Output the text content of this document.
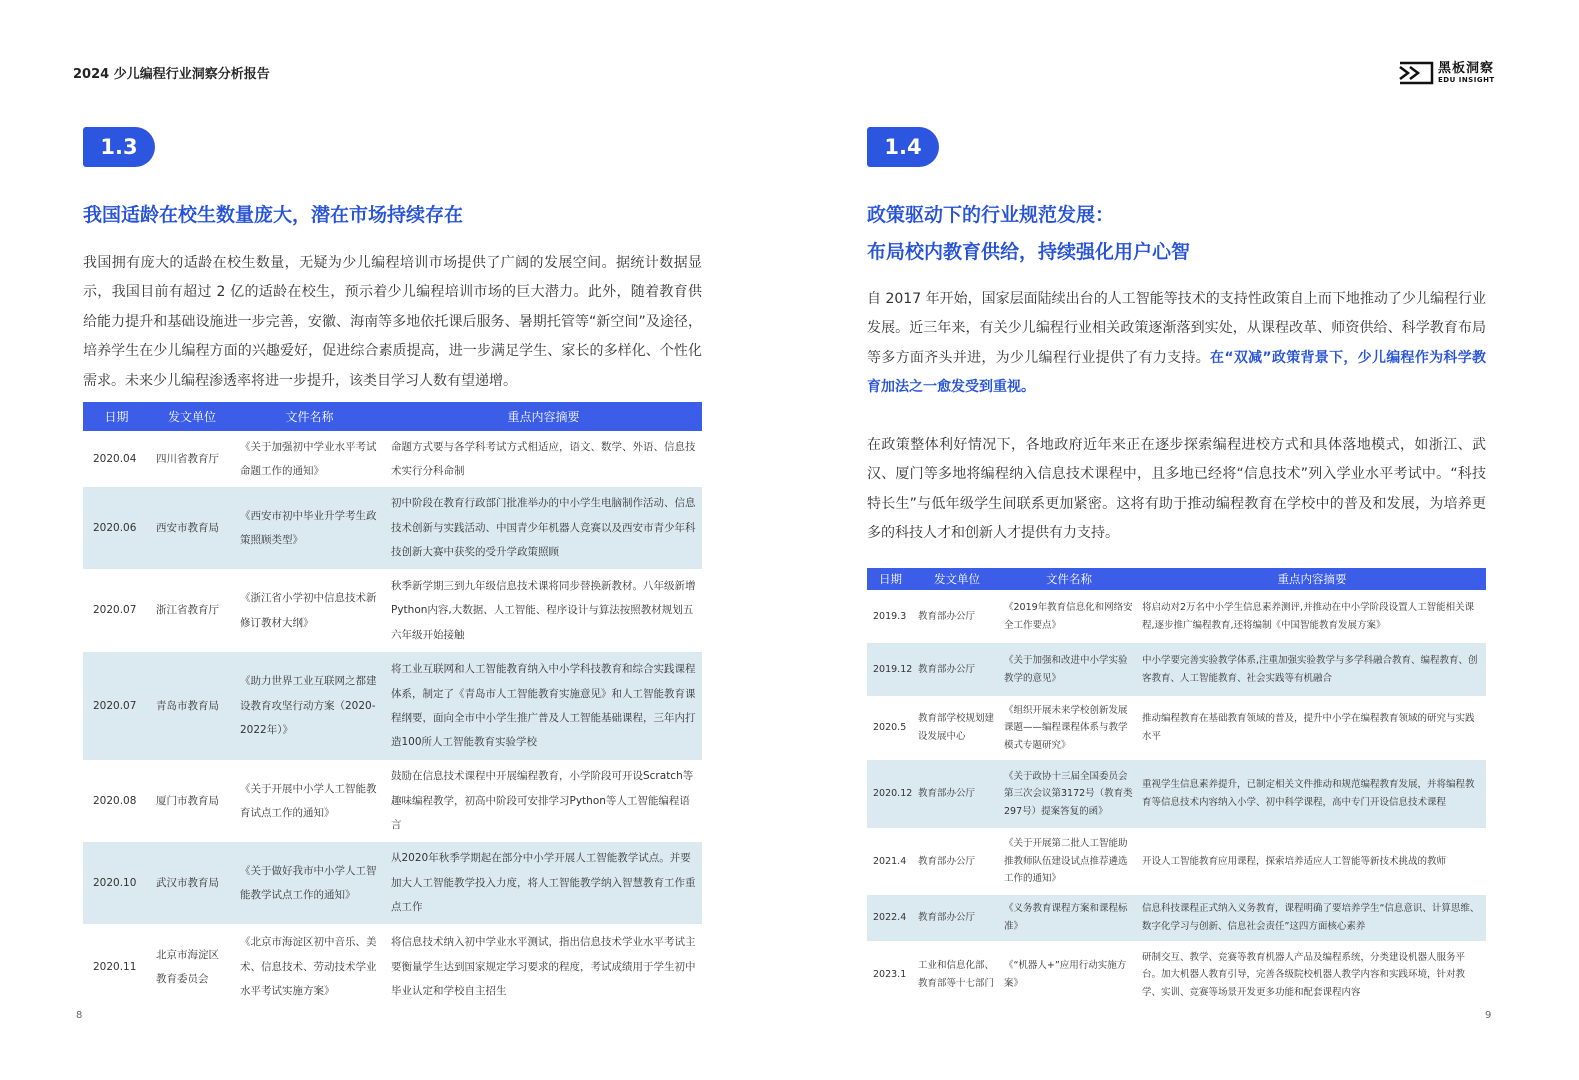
2024 少儿编程行业洞察分析报告	黑板洞察
EDU INSIGHT
1.3
我国适龄在校生数量庞大，潜在市场持续存在
我国拥有庞大的适龄在校生数量，无疑为少儿编程培训市场提供了广阔的发展空间。据统计数据显示，我国目前有超过 2 亿的适龄在校生，预示着少儿编程培训市场的巨大潜力。此外，随着教育供给能力提升和基础设施进一步完善，安徽、海南等多地依托课后服务、暑期托管等“新空间”及途径，培养学生在少儿编程方面的兴趣爱好，促进综合素质提高，进一步满足学生、家长的多样化、个性化需求。未来少儿编程渗透率将进一步提升，该类目学习人数有望递增。
日期	发文单位	文件名称	重点内容摘要
2020.04	四川省教育厅	《关于加强初中学业水平考试命题工作的通知》	命题方式要与各学科考试方式相适应，语文、数学、外语、信息技术实行分科命制
2020.06	西安市教育局	《西安市初中毕业升学考生政策照顾类型》	初中阶段在教育行政部门批准举办的中小学生电脑制作活动、信息技术创新与实践活动、中国青少年机器人竞赛以及西安市青少年科技创新大赛中获奖的受升学政策照顾
2020.07	浙江省教育厅	《浙江省小学初中信息技术新修订教材大纲》	秋季新学期三到九年级信息技术课将同步替换新教材。八年级新增Python内容,大数据、人工智能、程序设计与算法按照教材规划五六年级开始接触
2020.07	青岛市教育局	《助力世界工业互联网之都建设教育攻坚行动方案（2020-2022年）》	将工业互联网和人工智能教育纳入中小学科技教育和综合实践课程体系，制定了《青岛市人工智能教育实施意见》和人工智能教育课程纲要，面向全市中小学生推广普及人工智能基础课程，三年内打造100所人工智能教育实验学校
2020.08	厦门市教育局	《关于开展中小学人工智能教育试点工作的通知》	鼓励在信息技术课程中开展编程教育，小学阶段可开设Scratch等趣味编程教学，初高中阶段可安排学习Python等人工智能编程语言
2020.10	武汉市教育局	《关于做好我市中小学人工智能教学试点工作的通知》	从2020年秋季学期起在部分中小学开展人工智能教学试点。并要加大人工智能教学投入力度，将人工智能教学纳入智慧教育工作重点工作
2020.11	北京市海淀区教育委员会	《北京市海淀区初中音乐、美术、信息技术、劳动技术学业水平考试实施方案》	将信息技术纳入初中学业水平测试，指出信息技术学业水平考试主要衡量学生达到国家规定学习要求的程度，考试成绩用于学生初中毕业认定和学校自主招生
8
1.4
政策驱动下的行业规范发展：
布局校内教育供给，持续强化用户心智
自 2017 年开始，国家层面陆续出台的人工智能等技术的支持性政策自上而下地推动了少儿编程行业发展。近三年来，有关少儿编程行业相关政策逐渐落到实处，从课程改革、师资供给、科学教育布局等多方面齐头并进，为少儿编程行业提供了有力支持。在“双减”政策背景下，少儿编程作为科学教育加法之一愈发受到重视。
在政策整体利好情况下，各地政府近年来正在逐步探索编程进校方式和具体落地模式，如浙江、武汉、厦门等多地将编程纳入信息技术课程中，且多地已经将“信息技术”列入学业水平考试中。“科技特长生”与低年级学生间联系更加紧密。这将有助于推动编程教育在学校中的普及和发展，为培养更多的科技人才和创新人才提供有力支持。
日期	发文单位	文件名称	重点内容摘要
2019.3	教育部办公厅	《2019年教育信息化和网络安全工作要点》	将启动对2万名中小学生信息素养测评,并推动在中小学阶段设置人工智能相关课程,逐步推广编程教育,还将编制《中国智能教育发展方案》
2019.12	教育部办公厅	《关于加强和改进中小学实验教学的意见》	中小学要完善实验教学体系,注重加强实验教学与多学科融合教育、编程教育、创客教育、人工智能教育、社会实践等有机融合
2020.5	教育部学校规划建设发展中心	《组织开展未来学校创新发展课题——编程课程体系与教学模式专题研究》	推动编程教育在基础教育领域的普及，提升中小学在编程教育领域的研究与实践水平
2020.12	教育部办公厅	《关于政协十三届全国委员会第三次会议第3172号（教育类297号）提案答复的函》	重视学生信息素养提升，已制定相关文件推动和规范编程教育发展，并将编程教育等信息技术内容纳入小学、初中科学课程，高中专门开设信息技术课程
2021.4	教育部办公厅	《关于开展第二批人工智能助推教师队伍建设试点推荐遴选工作的通知》	开设人工智能教育应用课程，探索培养适应人工智能等新技术挑战的教师
2022.4	教育部办公厅	《义务教育课程方案和课程标准》	信息科技课程正式纳入义务教育，课程明确了要培养学生“信息意识、计算思维、数字化学习与创新、信息社会责任”这四方面核心素养
2023.1	工业和信息化部、教育部等十七部门	《“机器人+”应用行动实施方案》	研制交互、教学、竞赛等教育机器人产品及编程系统，分类建设机器人服务平台。加大机器人教育引导，完善各级院校机器人教学内容和实践环境，针对教学、实训、竞赛等场景开发更多功能和配套课程内容
9
